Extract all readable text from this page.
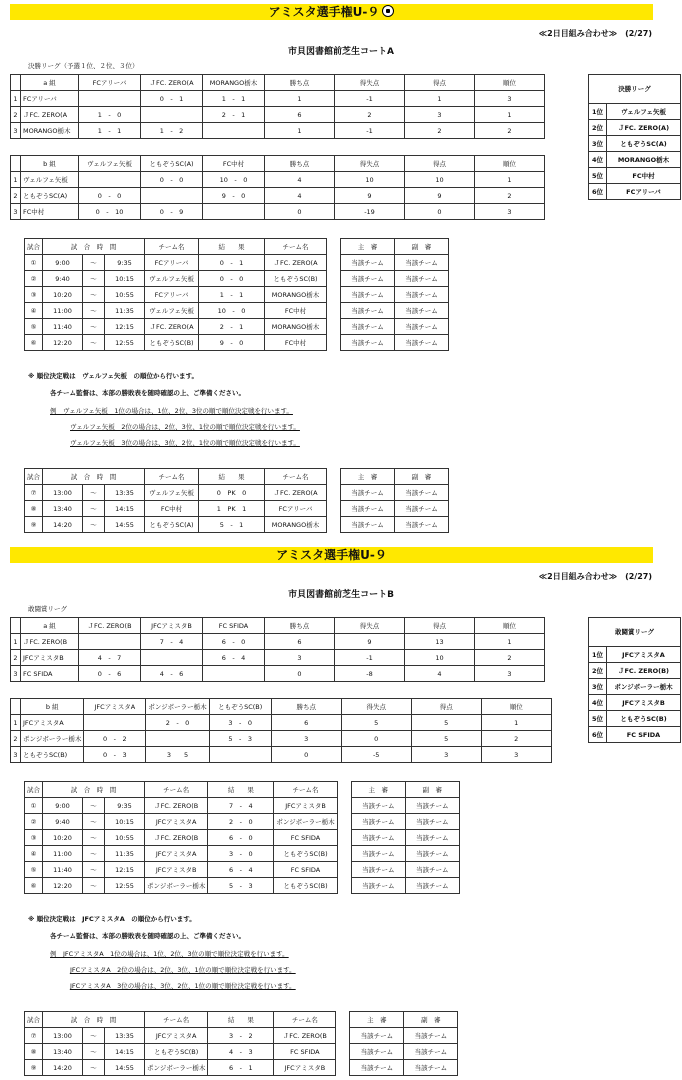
アミスタ選手権U-９
≪2日目組み合わせ≫　(2/27)
市貝図書館前芝生コートA
決勝リーグ（予選１位、２位、３位）
	a 組	FCアリーバ	ＪFC. ZERO(A	MORANGO栃木	勝ち点	得失点	得点	順位
1	FCアリーバ		0　-　1	1　-　1	1	-1	1	3
2	ＪFC. ZERO(A	1　-　0		2　-　1	6	2	3	1
3	MORANGO栃木	1　-　1	1　-　2		1	-1	2	2
	b 組	ヴェルフェ矢板	ともぞうSC(A)	FC中村	勝ち点	得失点	得点	順位
1	ヴェルフェ矢板		0　-　0	10　-　0	4	10	10	1
2	ともぞうSC(A)	0　-　0		9　-　0	4	9	9	2
3	FC中村	0　-　10	0　-　9		0	-19	0	3
決勝リーグ	
1位	ヴェルフェ矢板
2位	ＪFC. ZERO(A)
3位	ともぞうSC(A)
4位	MORANGO栃木
5位	FC中村
6位	FCアリーバ
試合	試　合　時　間			チーム名	結　　果	チーム名		主　審	副　審
①	9:00	〜	9:35	FCアリーバ	0　-　1	ＪFC. ZERO(A		当該チーム	当該チーム
②	9:40	〜	10:15	ヴェルフェ矢板	0　-　0	ともぞうSC(B)		当該チーム	当該チーム
③	10:20	〜	10:55	FCアリーバ	1　-　1	MORANGO栃木		当該チーム	当該チーム
④	11:00	〜	11:35	ヴェルフェ矢板	10　-　0	FC中村		当該チーム	当該チーム
⑤	11:40	〜	12:15	ＪFC. ZERO(A	2　-　1	MORANGO栃木		当該チーム	当該チーム
⑥	12:20	〜	12:55	ともぞうSC(B)	9　-　0	FC中村		当該チーム	当該チーム
※ 順位決定戦は　ヴェルフェ矢板　の順位から行います。
各チーム監督は、本部の勝敗表を随時確認の上、ご準備ください。
例　ヴェルフェ矢板　1位の場合は、1位、2位、3位の順で順位決定戦を行います。
ヴェルフェ矢板　2位の場合は、2位、3位、1位の順で順位決定戦を行います。
ヴェルフェ矢板　3位の場合は、3位、2位、1位の順で順位決定戦を行います。
試合	試　合　時　間			チーム名	結　　果	チーム名		主　審	副　審
⑦	13:00	〜	13:35	ヴェルフェ矢板	0　PK　0	ＪFC. ZERO(A		当該チーム	当該チーム
⑧	13:40	〜	14:15	FC中村	1　PK　1	FCアリーバ		当該チーム	当該チーム
⑨	14:20	〜	14:55	ともぞうSC(A)	5　-　1	MORANGO栃木		当該チーム	当該チーム
アミスタ選手権U-９
≪2日目組み合わせ≫　(2/27)
市貝図書館前芝生コートB
敢闘賞リーグ
	a 組	ＪFC. ZERO(B	JFCアミスタB	FC SFIDA	勝ち点	得失点	得点	順位
1	ＪFC. ZERO(B		7　-　4	6　-　0	6	9	13	1
2	JFCアミスタB	4　-　7		6　-　4	3	-1	10	2
3	FC SFIDA	0　-　6	4　-　6		0	-8	4	3
	b 組	JFCアミスタA	ポンジボーラー栃木	ともぞうSC(B)	勝ち点	得失点	得点	順位
1	JFCアミスタA		2　-　0	3　-　0	6	5	5	1
2	ポンジボーラー栃木	0　-　2		5　-　3	3	0	5	2
3	ともぞうSC(B)	0　-　3	3　　5		0	-5	3	3
敢闘賞リーグ	
1位	JFCアミスタA
2位	ＪFC. ZERO(B)
3位	ポンジボーラー栃木
4位	JFCアミスタB
5位	ともぞうSC(B)
6位	FC SFIDA
試合	試　合　時　間			チーム名	結　　果	チーム名		主　審	副　審
①	9:00	〜	9:35	ＪFC. ZERO(B	7　-　4	JFCアミスタB		当該チーム	当該チーム
②	9:40	〜	10:15	JFCアミスタA	2　-　0	ポンジボーラー栃木		当該チーム	当該チーム
③	10:20	〜	10:55	ＪFC. ZERO(B	6　-　0	FC SFIDA		当該チーム	当該チーム
④	11:00	〜	11:35	JFCアミスタA	3　-　0	ともぞうSC(B)		当該チーム	当該チーム
⑤	11:40	〜	12:15	JFCアミスタB	6　-　4	FC SFIDA		当該チーム	当該チーム
⑥	12:20	〜	12:55	ポンジボーラー栃木	5　-　3	ともぞうSC(B)		当該チーム	当該チーム
※ 順位決定戦は　JFCアミスタA　の順位から行います。
各チーム監督は、本部の勝敗表を随時確認の上、ご準備ください。
例　JFCアミスタA　1位の場合は、1位、2位、3位の順で順位決定戦を行います。
JFCアミスタA　2位の場合は、2位、3位、1位の順で順位決定戦を行います。
JFCアミスタA　3位の場合は、3位、2位、1位の順で順位決定戦を行います。
試合	試　合　時　間			チーム名	結　　果	チーム名		主　審	副　審
⑦	13:00	〜	13:35	JFCアミスタA	3　-　2	ＪFC. ZERO(B		当該チーム	当該チーム
⑧	13:40	〜	14:15	ともぞうSC(B)	4　-　3	FC SFIDA		当該チーム	当該チーム
⑨	14:20	〜	14:55	ポンジボーラー栃木	6　-　1	JFCアミスタB		当該チーム	当該チーム
